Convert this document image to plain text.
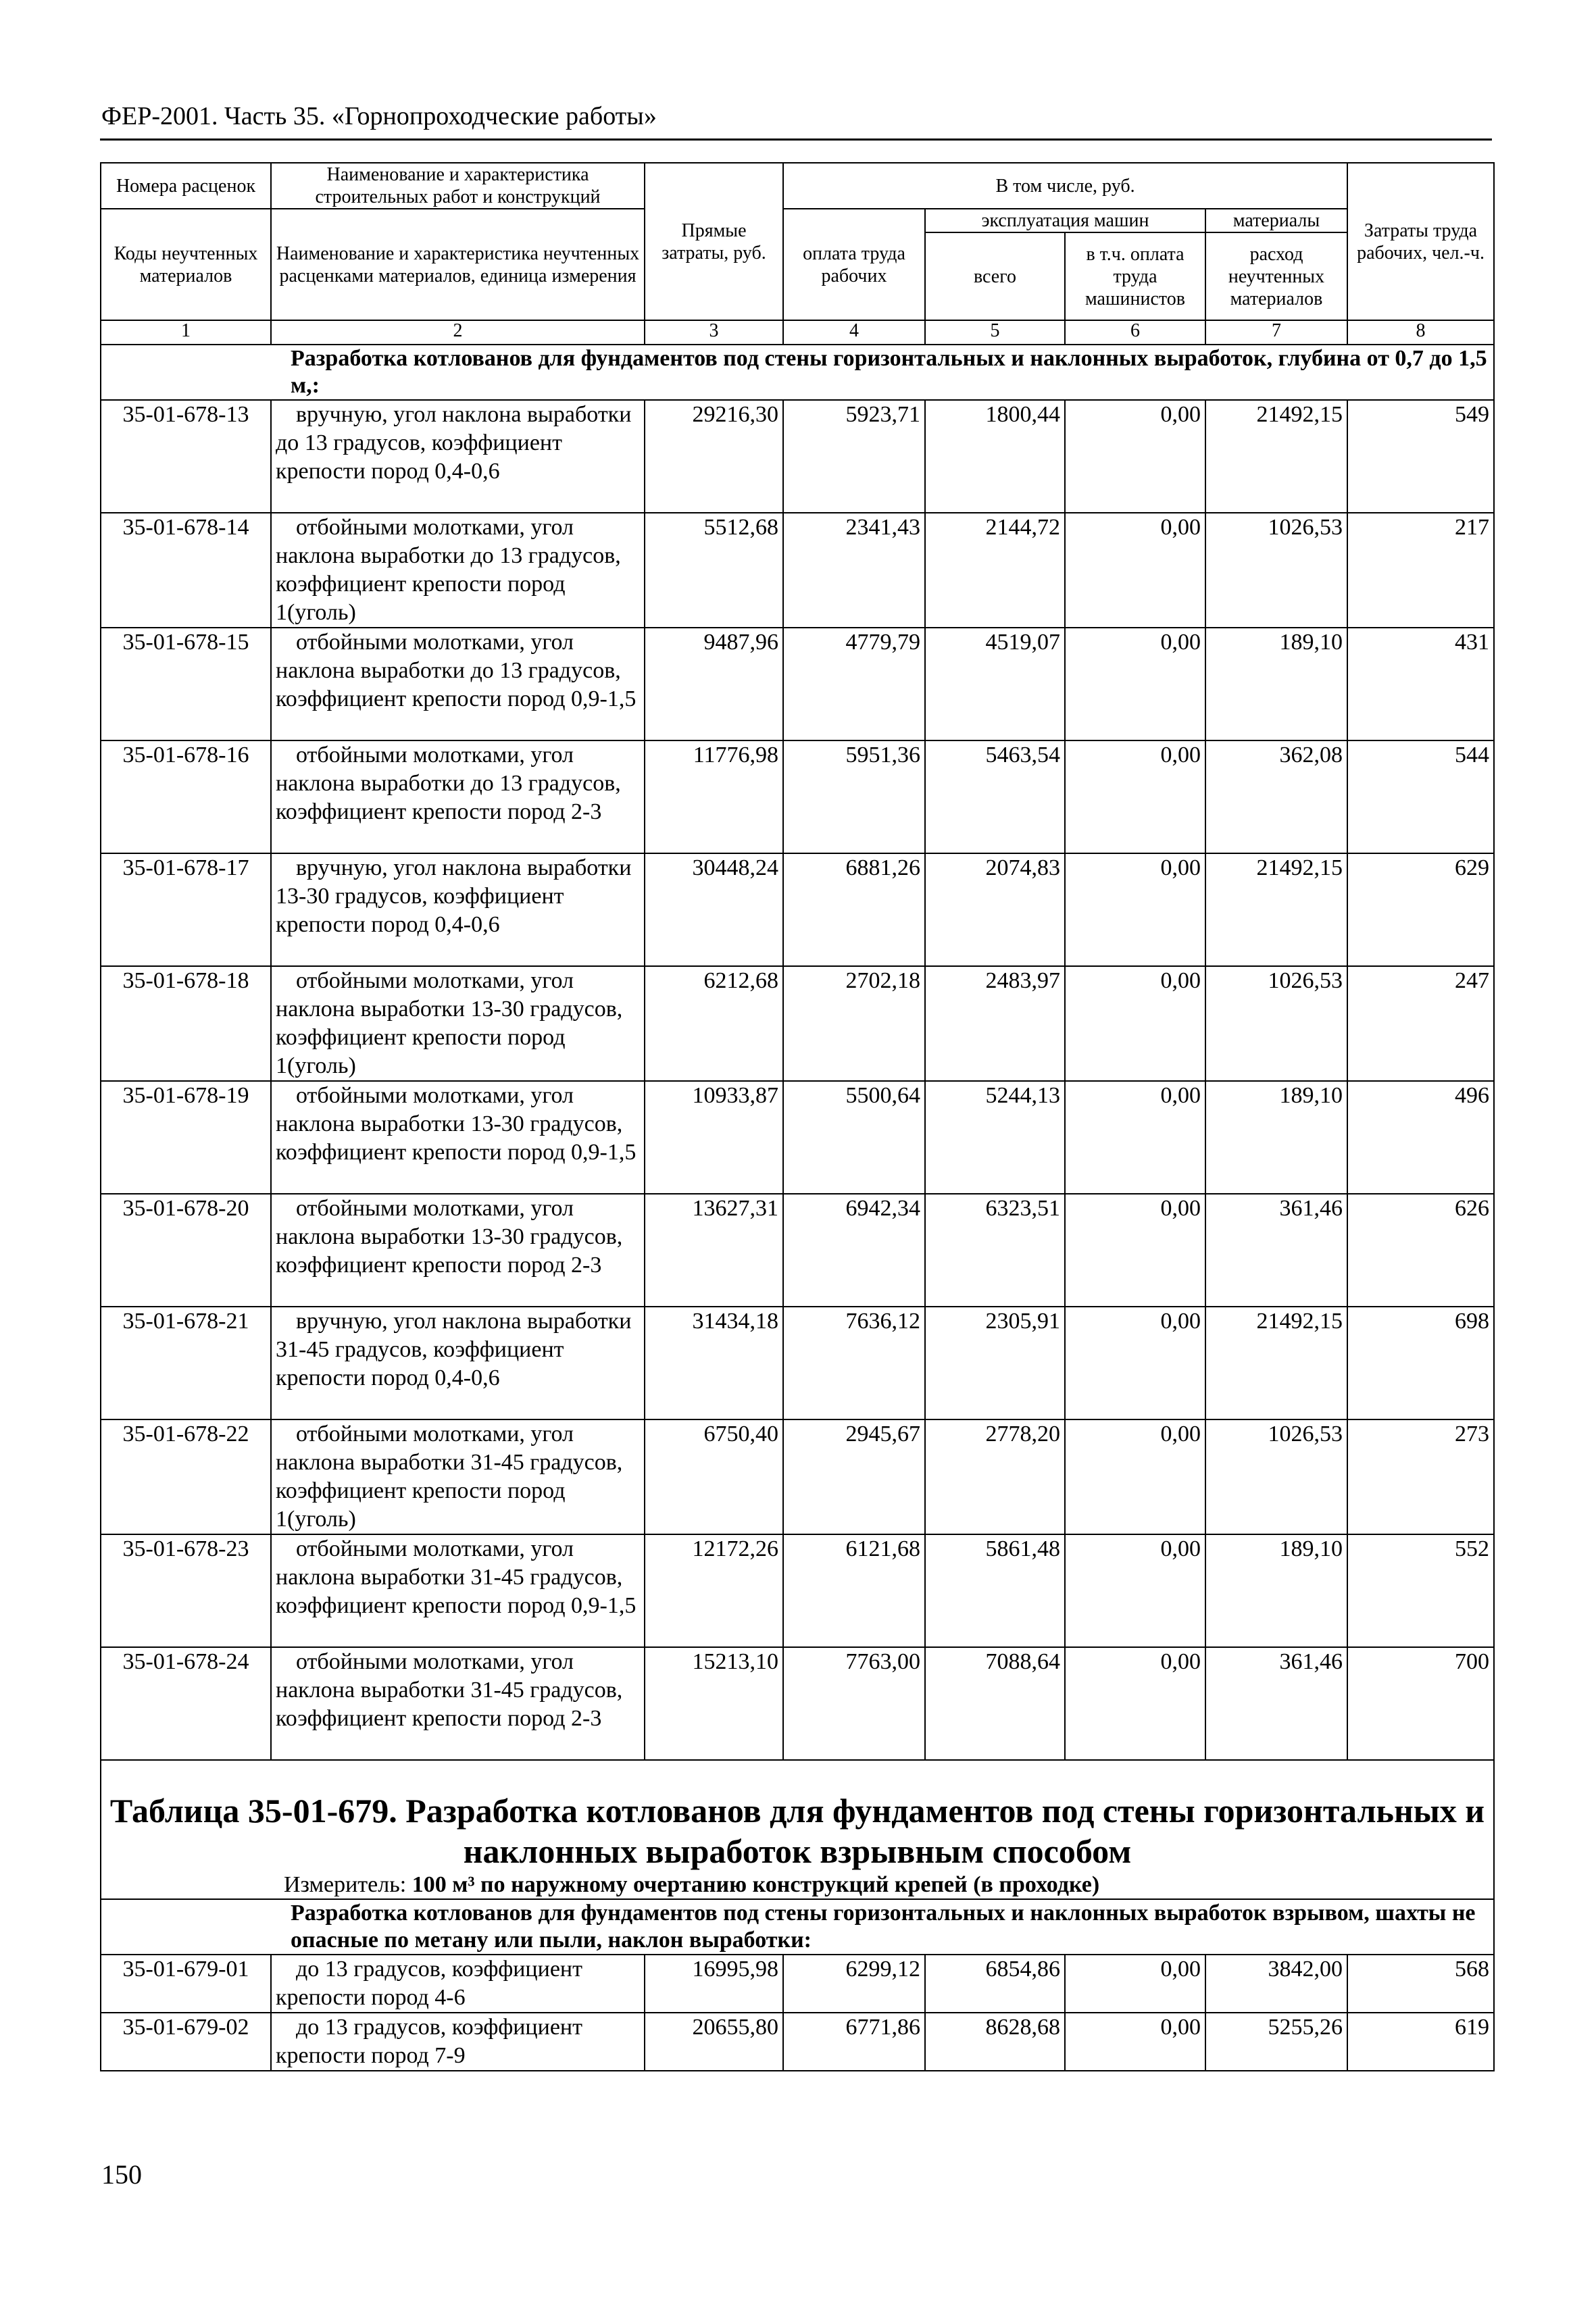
ФЕР-2001. Часть 35. «Горнопроходческие работы»
Номера расценок	Наименование и характеристика строительных работ и конструкций	Прямые затраты, руб.	В том числе, руб.				Затраты труда рабочих, чел.-ч.
Коды неучтенных материалов	Наименование и характеристика неучтенных расценками материалов, единица измерения		оплата труда рабочих	эксплуатация машин		материалы	
				всего	в т.ч. оплата труда машинистов	расход неучтенных материалов	
1	2	3	4	5	6	7	8
Разработка котлованов для фундаментов под стены горизонтальных и наклонных выработок, глубина от 0,7 до 1,5 м,:							
35-01-678-13	вручную, угол наклона выработки до 13 градусов, коэффициент крепости пород 0,4-0,6	29216,30	5923,71	1800,44	0,00	21492,15	549
35-01-678-14	отбойными молотками, угол наклона выработки до 13 градусов, коэффициент крепости пород 1(уголь)	5512,68	2341,43	2144,72	0,00	1026,53	217
35-01-678-15	отбойными молотками, угол наклона выработки до 13 градусов, коэффициент крепости пород 0,9-1,5	9487,96	4779,79	4519,07	0,00	189,10	431
35-01-678-16	отбойными молотками, угол наклона выработки до 13 градусов, коэффициент крепости пород 2-3	11776,98	5951,36	5463,54	0,00	362,08	544
35-01-678-17	вручную, угол наклона выработки 13-30 градусов, коэффициент крепости пород 0,4-0,6	30448,24	6881,26	2074,83	0,00	21492,15	629
35-01-678-18	отбойными молотками, угол наклона выработки 13-30 градусов, коэффициент крепости пород 1(уголь)	6212,68	2702,18	2483,97	0,00	1026,53	247
35-01-678-19	отбойными молотками, угол наклона выработки 13-30 градусов, коэффициент крепости пород 0,9-1,5	10933,87	5500,64	5244,13	0,00	189,10	496
35-01-678-20	отбойными молотками, угол наклона выработки 13-30 градусов, коэффициент крепости пород 2-3	13627,31	6942,34	6323,51	0,00	361,46	626
35-01-678-21	вручную, угол наклона выработки 31-45 градусов, коэффициент крепости пород 0,4-0,6	31434,18	7636,12	2305,91	0,00	21492,15	698
35-01-678-22	отбойными молотками, угол наклона выработки 31-45 градусов, коэффициент крепости пород 1(уголь)	6750,40	2945,67	2778,20	0,00	1026,53	273
35-01-678-23	отбойными молотками, угол наклона выработки 31-45 градусов, коэффициент крепости пород 0,9-1,5	12172,26	6121,68	5861,48	0,00	189,10	552
35-01-678-24	отбойными молотками, угол наклона выработки 31-45 градусов, коэффициент крепости пород 2-3	15213,10	7763,00	7088,64	0,00	361,46	700
Таблица 35-01-679. Разработка котлованов для фундаментов под стены горизонтальных и наклонных выработок взрывным способом							
Измеритель: 100 м³ по наружному очертанию конструкций крепей (в проходке)							
Разработка котлованов для фундаментов под стены горизонтальных и наклонных выработок взрывом, шахты не опасные по метану или пыли, наклон выработки:							
35-01-679-01	до 13 градусов, коэффициент крепости пород 4-6	16995,98	6299,12	6854,86	0,00	3842,00	568
35-01-679-02	до 13 градусов, коэффициент крепости пород 7-9	20655,80	6771,86	8628,68	0,00	5255,26	619
150
